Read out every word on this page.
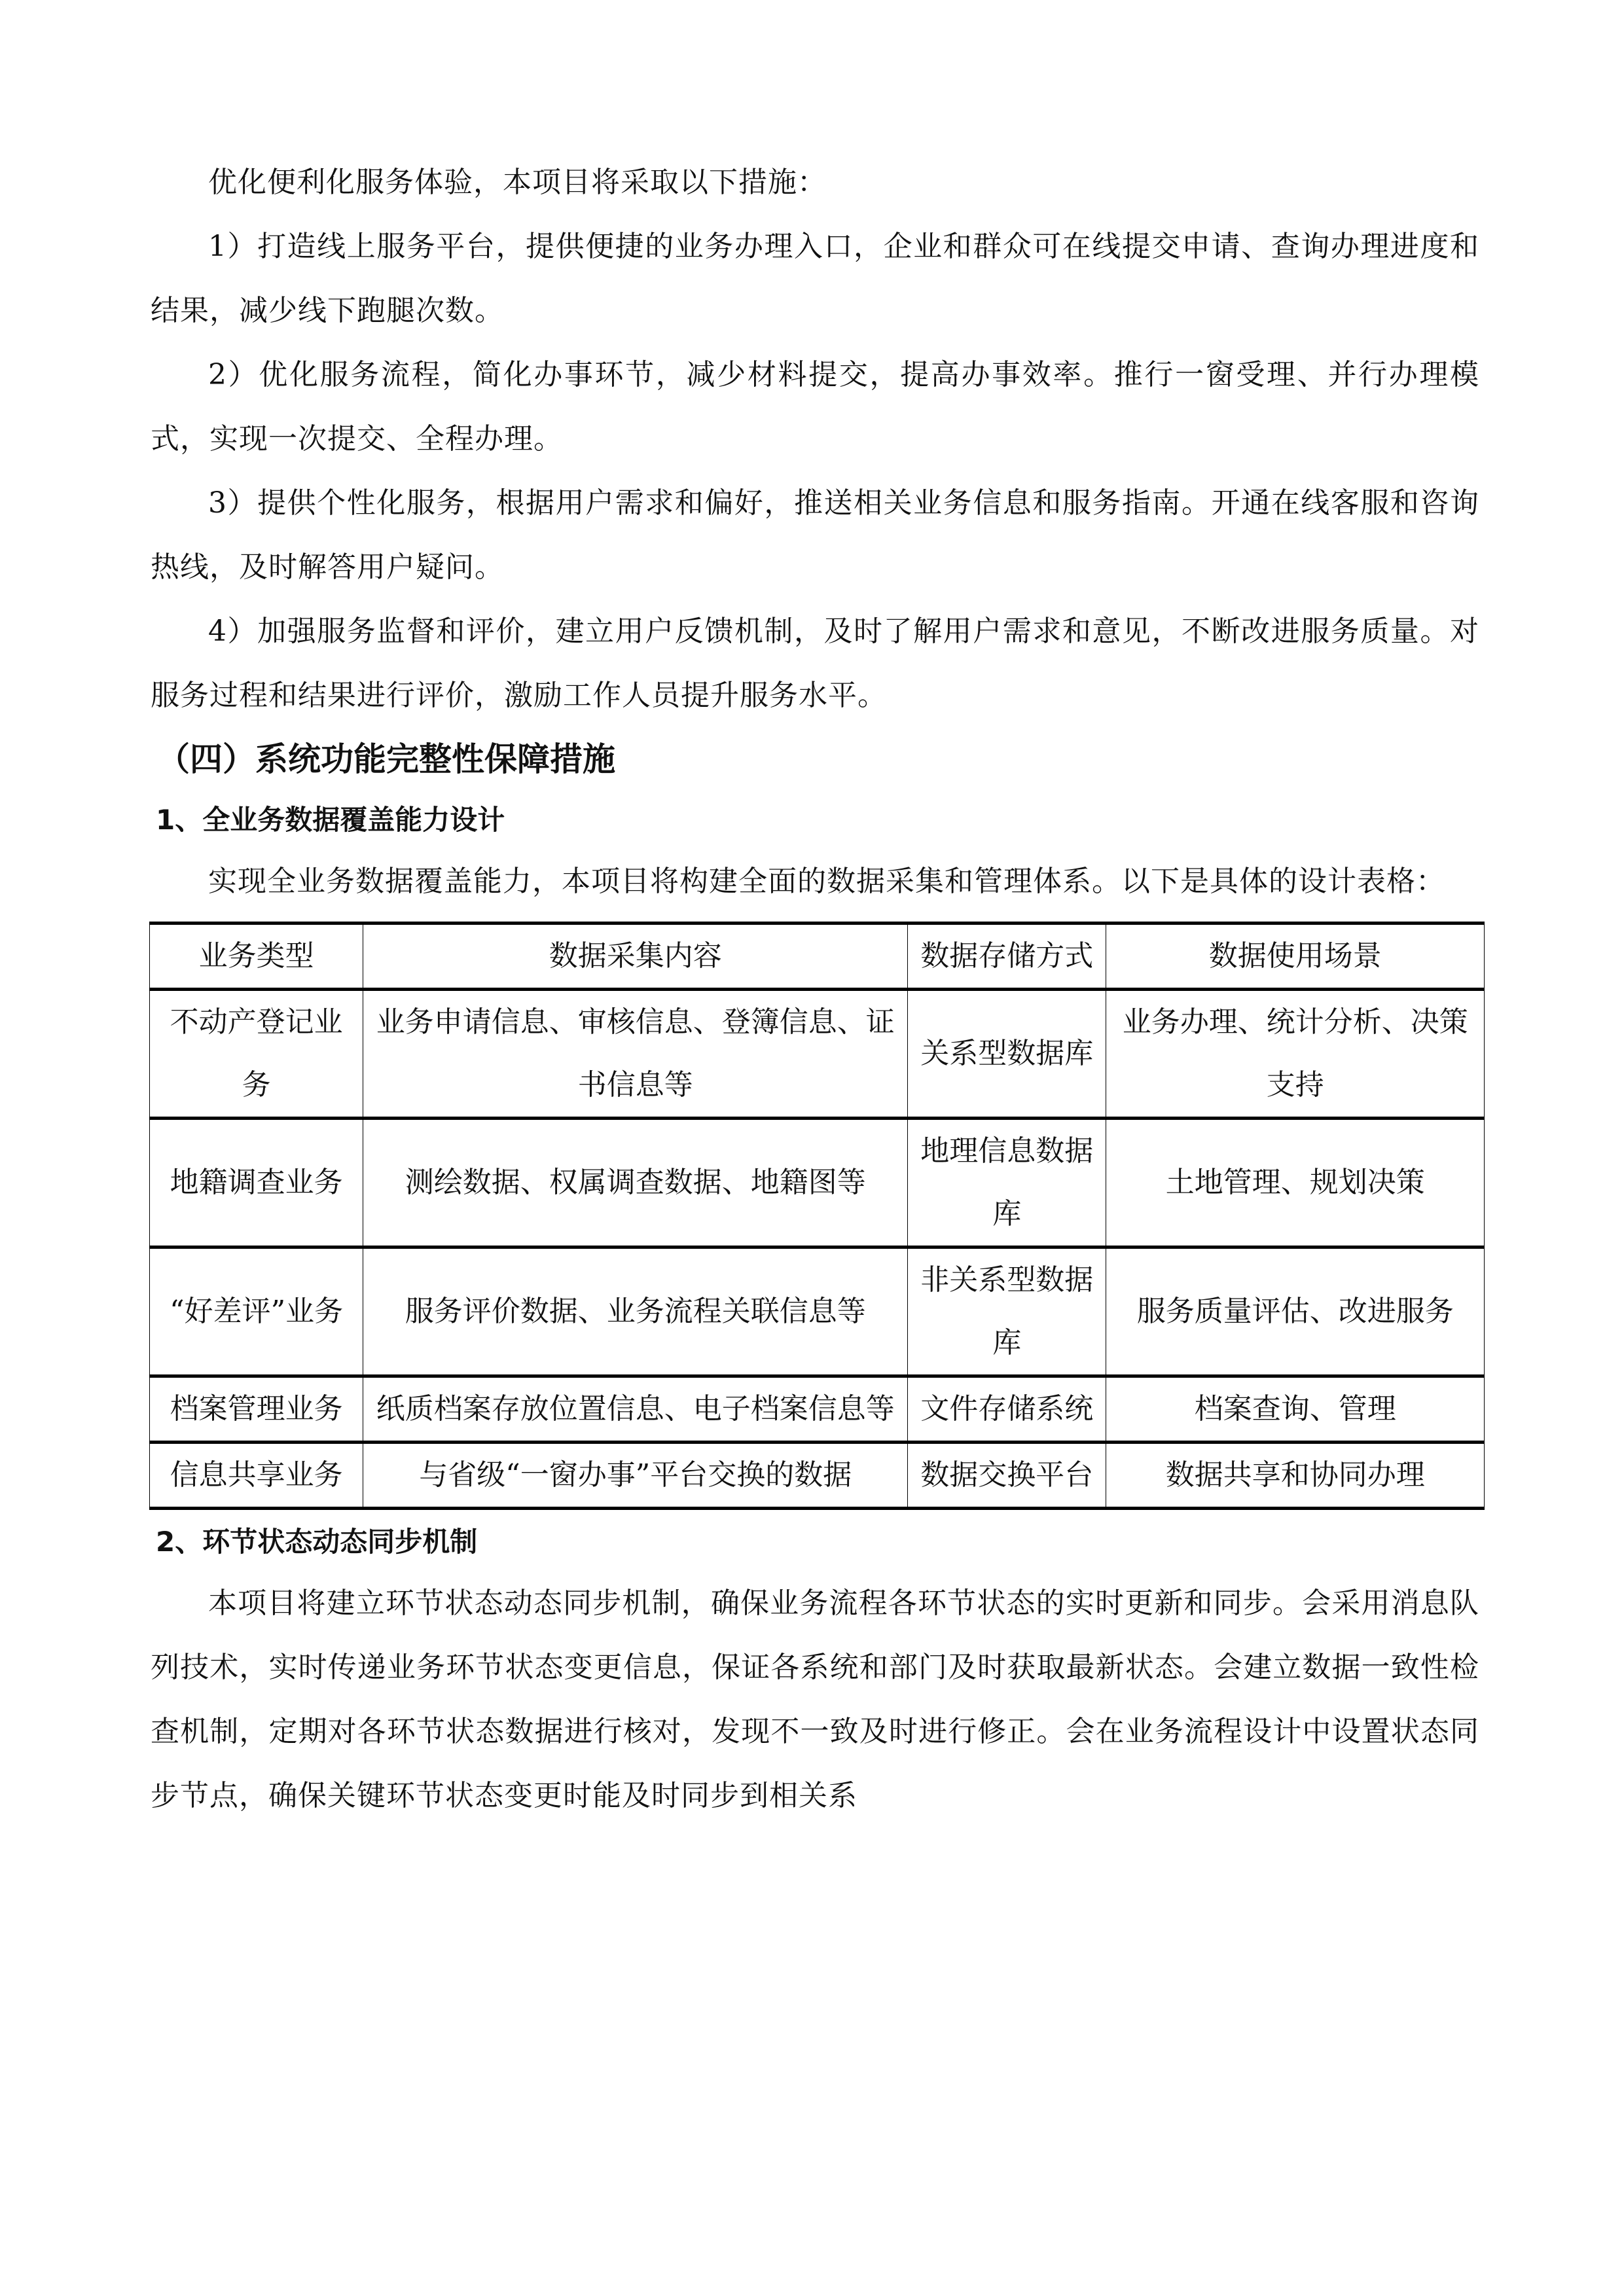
优化便利化服务体验，本项目将采取以下措施：

1）打造线上服务平台，提供便捷的业务办理入口，企业和群众可在线提交申请、查询办理进度和结果，减少线下跑腿次数。

2）优化服务流程，简化办事环节，减少材料提交，提高办事效率。推行一窗受理、并行办理模式，实现一次提交、全程办理。

3）提供个性化服务，根据用户需求和偏好，推送相关业务信息和服务指南。开通在线客服和咨询热线，及时解答用户疑问。

4）加强服务监督和评价，建立用户反馈机制，及时了解用户需求和意见，不断改进服务质量。对服务过程和结果进行评价，激励工作人员提升服务水平。

（四）系统功能完整性保障措施
1、全业务数据覆盖能力设计

实现全业务数据覆盖能力，本项目将构建全面的数据采集和管理体系。以下是具体的设计表格：

业务类型	数据采集内容	数据存储方式	数据使用场景
不动产登记业务	业务申请信息、审核信息、登簿信息、证书信息等	关系型数据库	业务办理、统计分析、决策支持
地籍调查业务	测绘数据、权属调查数据、地籍图等	地理信息数据库	土地管理、规划决策
“好差评”业务	服务评价数据、业务流程关联信息等	非关系型数据库	服务质量评估、改进服务
档案管理业务	纸质档案存放位置信息、电子档案信息等	文件存储系统	档案查询、管理
信息共享业务	与省级“一窗办事”平台交换的数据	数据交换平台	数据共享和协同办理
2、环节状态动态同步机制

本项目将建立环节状态动态同步机制，确保业务流程各环节状态的实时更新和同步。会采用消息队列技术，实时传递业务环节状态变更信息，保证各系统和部门及时获取最新状态。会建立数据一致性检查机制，定期对各环节状态数据进行核对，发现不一致及时进行修正。会在业务流程设计中设置状态同步节点，确保关键环节状态变更时能及时同步到相关系
